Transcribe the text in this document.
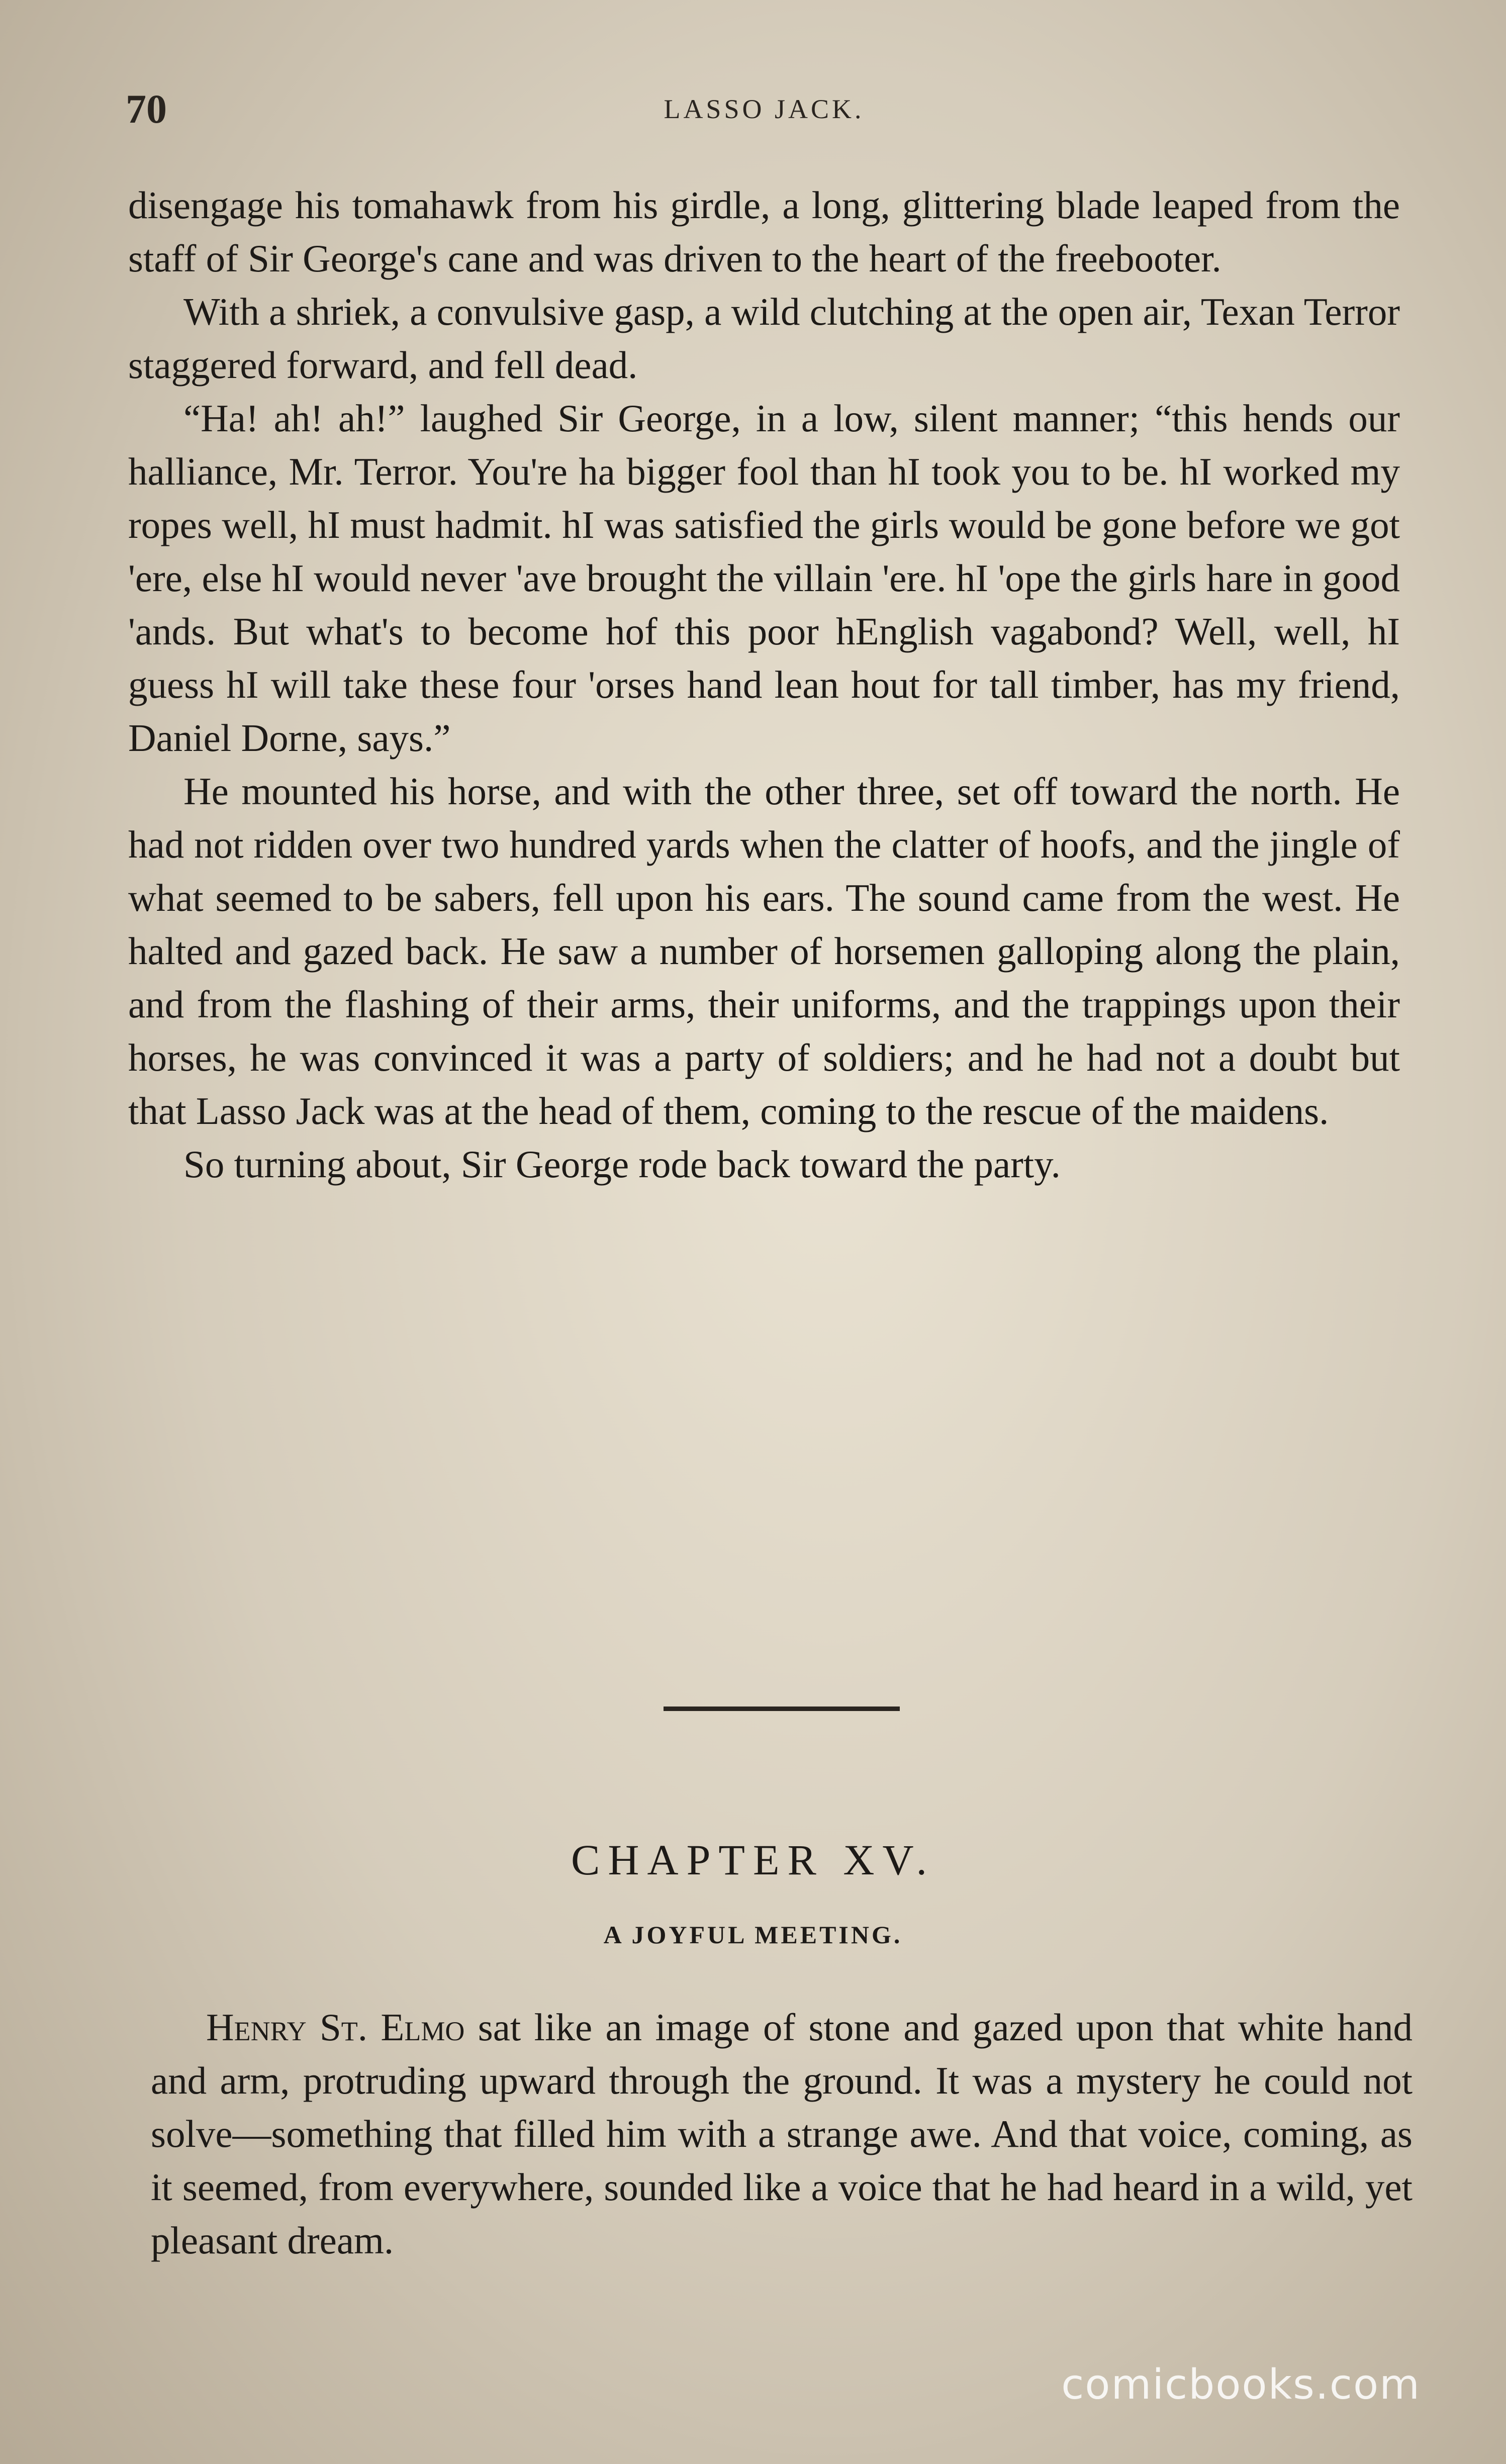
70	LASSO JACK.

disengage his tomahawk from his girdle, a long, glittering blade leaped from the staff of Sir George's cane and was driven to the heart of the freebooter.

With a shriek, a convulsive gasp, a wild clutching at the open air, Texan Terror staggered forward, and fell dead.

“Ha! ah! ah!” laughed Sir George, in a low, silent manner; “this hends our halliance, Mr. Terror. You're ha bigger fool than hI took you to be. hI worked my ropes well, hI must hadmit. hI was satisfied the girls would be gone before we got 'ere, else hI would never 'ave brought the villain 'ere. hI 'ope the girls hare in good 'ands. But what's to become hof this poor hEnglish vagabond? Well, well, hI guess hI will take these four 'orses hand lean hout for tall timber, has my friend, Daniel Dorne, says.”

He mounted his horse, and with the other three, set off toward the north. He had not ridden over two hundred yards when the clatter of hoofs, and the jingle of what seemed to be sabers, fell upon his ears. The sound came from the west. He halted and gazed back. He saw a number of horsemen galloping along the plain, and from the flashing of their arms, their uniforms, and the trappings upon their horses, he was convinced it was a party of soldiers; and he had not a doubt but that Lasso Jack was at the head of them, coming to the rescue of the maidens.

So turning about, Sir George rode back toward the party.

CHAPTER XV.
A JOYFUL MEETING.

Henry St. Elmo sat like an image of stone and gazed upon that white hand and arm, protruding upward through the ground. It was a mystery he could not solve—something that filled him with a strange awe. And that voice, coming, as it seemed, from everywhere, sounded like a voice that he had heard in a wild, yet pleasant dream.

comicbooks.com
